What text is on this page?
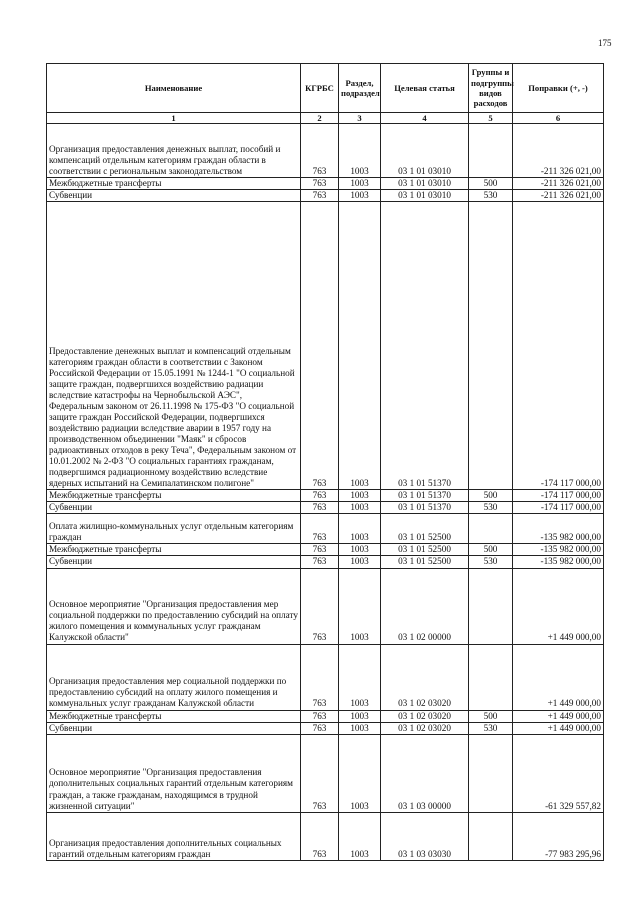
175
Наименование	КГРБС	Раздел, подраздел	Целевая статья	Группы и подгруппы видов расходов	Поправки (+, -)
1	2	3	4	5	6
Организация предоставления денежных выплат, пособий и компенсаций отдельным категориям граждан области в соответствии с региональным законодательством	763	1003	03 1 01 03010		-211 326 021,00
Межбюджетные трансферты	763	1003	03 1 01 03010	500	-211 326 021,00
Субвенции	763	1003	03 1 01 03010	530	-211 326 021,00
Предоставление денежных выплат и компенсаций отдельным категориям граждан области в соответствии с Законом Российской Федерации от 15.05.1991 № 1244-1 "О социальной защите граждан, подвергшихся воздействию радиации вследствие катастрофы на Чернобыльской АЭС", Федеральным законом от 26.11.1998 № 175-ФЗ "О социальной защите граждан Российской Федерации, подвергшихся воздействию радиации вследствие аварии в 1957 году на производственном объединении "Маяк" и сбросов радиоактивных отходов в реку Теча", Федеральным законом от 10.01.2002 № 2-ФЗ "О социальных гарантиях гражданам, подвергшимся радиационному воздействию вследствие ядерных испытаний на Семипалатинском полигоне"	763	1003	03 1 01 51370		-174 117 000,00
Межбюджетные трансферты	763	1003	03 1 01 51370	500	-174 117 000,00
Субвенции	763	1003	03 1 01 51370	530	-174 117 000,00
Оплата жилищно-коммунальных услуг отдельным категориям граждан	763	1003	03 1 01 52500		-135 982 000,00
Межбюджетные трансферты	763	1003	03 1 01 52500	500	-135 982 000,00
Субвенции	763	1003	03 1 01 52500	530	-135 982 000,00
Основное мероприятие "Организация предоставления мер социальной поддержки по предоставлению субсидий на оплату жилого помещения и коммунальных услуг гражданам Калужской области"	763	1003	03 1 02 00000		+1 449 000,00
Организация предоставления мер социальной поддержки по предоставлению субсидий на оплату жилого помещения и коммунальных услуг гражданам Калужской области	763	1003	03 1 02 03020		+1 449 000,00
Межбюджетные трансферты	763	1003	03 1 02 03020	500	+1 449 000,00
Субвенции	763	1003	03 1 02 03020	530	+1 449 000,00
Основное мероприятие "Организация предоставления дополнительных социальных гарантий отдельным категориям граждан, а также гражданам, находящимся в трудной жизненной ситуации"	763	1003	03 1 03 00000		-61 329 557,82
Организация предоставления дополнительных социальных гарантий отдельным категориям граждан	763	1003	03 1 03 03030		-77 983 295,96
